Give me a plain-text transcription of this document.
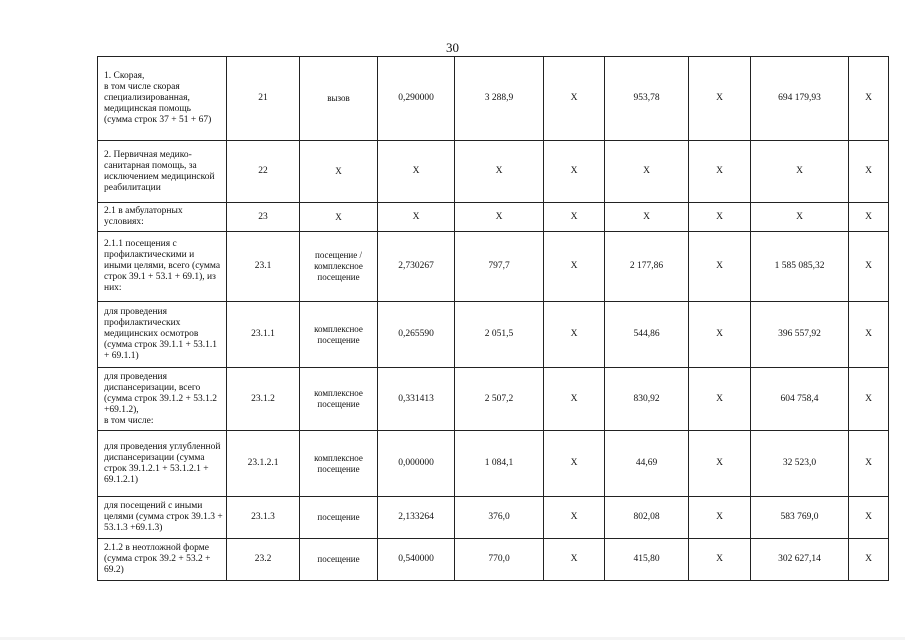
30
1. Скорая,
в том числе скорая специализированная, медицинская помощь
(сумма строк 37 + 51 + 67)	21	вызов	0,290000	3 288,9	X	953,78	X	694 179,93	X
2. Первичная медико-санитарная помощь, за исключением медицинской реабилитации	22	X	X	X	X	X	X	X	X
2.1 в амбулаторных условиях:	23	X	X	X	X	X	X	X	X
2.1.1 посещения с профилактическими и иными целями, всего (сумма строк 39.1 + 53.1 + 69.1), из них:	23.1	посещение / комплексное посещение	2,730267	797,7	X	2 177,86	X	1 585 085,32	X
для проведения профилактических медицинских осмотров (сумма строк 39.1.1 + 53.1.1 + 69.1.1)	23.1.1	комплексное посещение	0,265590	2 051,5	X	544,86	X	396 557,92	X
для проведения диспансеризации, всего (сумма строк 39.1.2 + 53.1.2 +69.1.2),
в том числе:	23.1.2	комплексное посещение	0,331413	2 507,2	X	830,92	X	604 758,4	X
для проведения углубленной диспансеризации (сумма строк 39.1.2.1 + 53.1.2.1 + 69.1.2.1)	23.1.2.1	комплексное посещение	0,000000	1 084,1	X	44,69	X	32 523,0	X
для посещений с иными целями (сумма строк 39.1.3 + 53.1.3 +69.1.3)	23.1.3	посещение	2,133264	376,0	X	802,08	X	583 769,0	X
2.1.2 в неотложной форме (сумма строк 39.2 + 53.2 + 69.2)	23.2	посещение	0,540000	770,0	X	415,80	X	302 627,14	X
